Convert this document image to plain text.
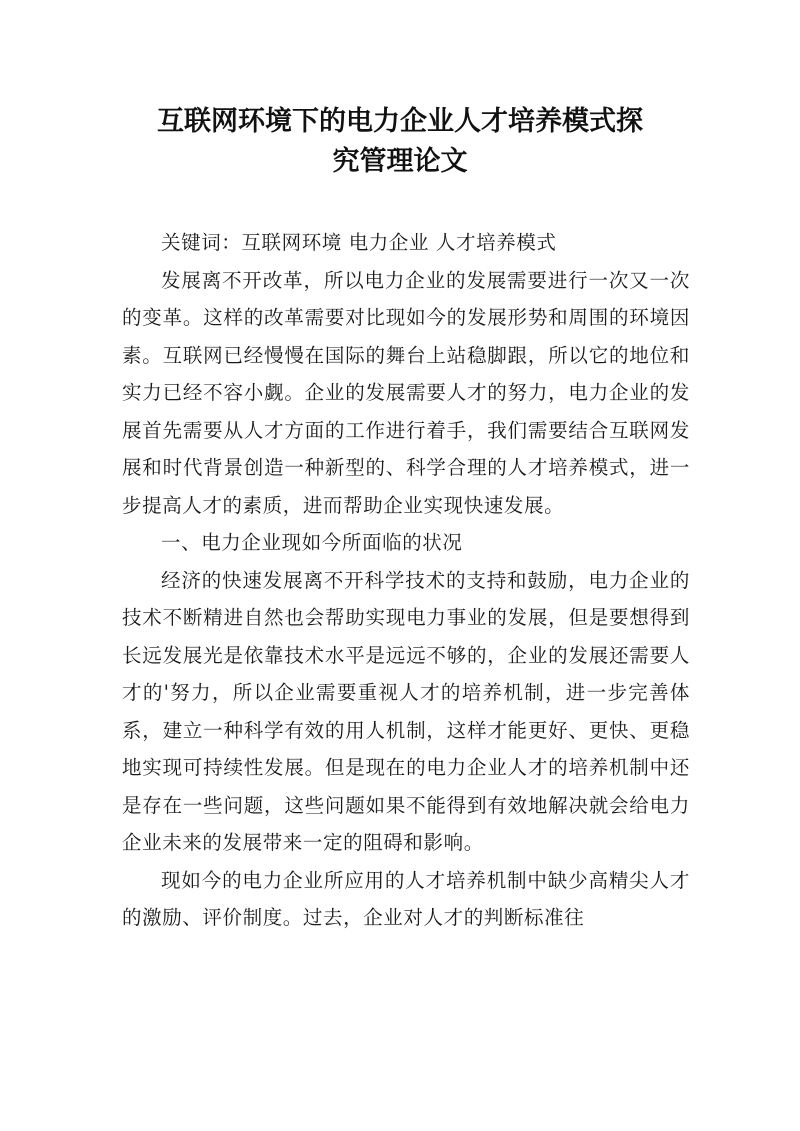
互联网环境下的电力企业人才培养模式探
究管理论文

关键词：互联网环境 电力企业 人才培养模式

发展离不开改革，所以电力企业的发展需要进行一次又一次的变革。这样的改革需要对比现如今的发展形势和周围的环境因素。互联网已经慢慢在国际的舞台上站稳脚跟，所以它的地位和实力已经不容小觑。企业的发展需要人才的努力，电力企业的发展首先需要从人才方面的工作进行着手，我们需要结合互联网发展和时代背景创造一种新型的、科学合理的人才培养模式，进一步提高人才的素质，进而帮助企业实现快速发展。

一、电力企业现如今所面临的状况

经济的快速发展离不开科学技术的支持和鼓励，电力企业的技术不断精进自然也会帮助实现电力事业的发展，但是要想得到长远发展光是依靠技术水平是远远不够的，企业的发展还需要人才的'努力，所以企业需要重视人才的培养机制，进一步完善体系，建立一种科学有效的用人机制，这样才能更好、更快、更稳地实现可持续性发展。但是现在的电力企业人才的培养机制中还是存在一些问题，这些问题如果不能得到有效地解决就会给电力企业未来的发展带来一定的阻碍和影响。

现如今的电力企业所应用的人才培养机制中缺少高精尖人才的激励、评价制度。过去，企业对人才的判断标准往
